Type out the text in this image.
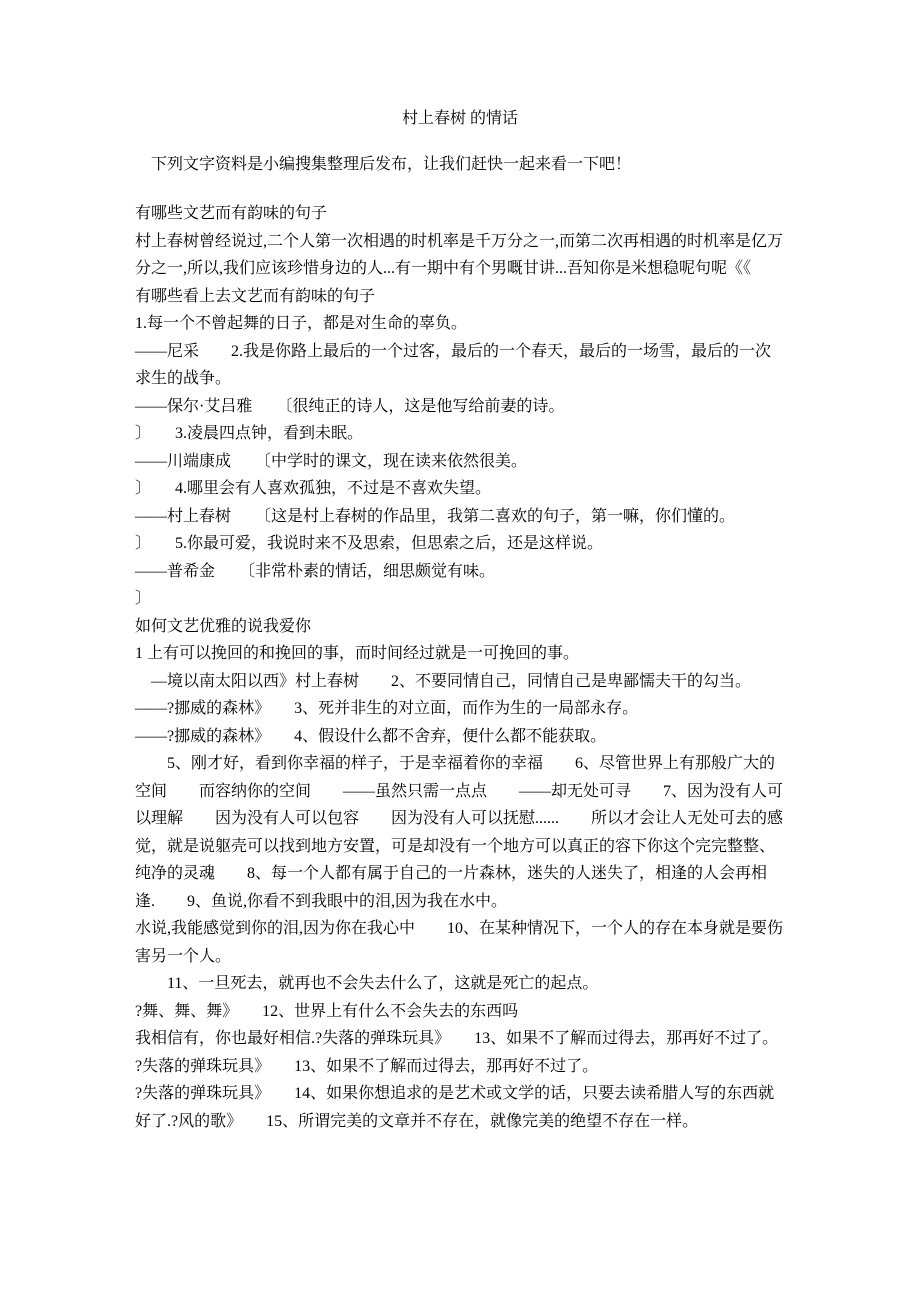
村上春树 的情话

　下列文字资料是小编搜集整理后发布，让我们赶快一起来看一下吧！

有哪些文艺而有韵味的句子

村上春树曾经说过,二个人第一次相遇的时机率是千万分之一,而第二次再相遇的时机率是亿万分之一,所以,我们应该珍惜身边的人...有一期中有个男嘅甘讲...吾知你是米想稳呢句呢《《

有哪些看上去文艺而有韵味的句子

1.每一个不曾起舞的日子，都是对生命的辜负。

——尼采　　2.我是你路上最后的一个过客，最后的一个春天，最后的一场雪，最后的一次求生的战争。

——保尔·艾吕雅　　〔很纯正的诗人，这是他写给前妻的诗。

〕　　3.凌晨四点钟，看到未眠。

——川端康成　　〔中学时的课文，现在读来依然很美。

〕　　4.哪里会有人喜欢孤独，不过是不喜欢失望。

——村上春树　　〔这是村上春树的作品里，我第二喜欢的句子，第一嘛，你们懂的。

〕　　5.你最可爱，我说时来不及思索，但思索之后，还是这样说。

——普希金　　〔非常朴素的情话，细思颇觉有味。

〕

如何文艺优雅的说我爱你

1 上有可以挽回的和挽回的事，而时间经过就是一可挽回的事。

　—境以南太阳以西》村上春树　　2、不要同情自己，同情自己是卑鄙懦夫干的勾当。

——?挪威的森林》　　3、死并非生的对立面，而作为生的一局部永存。

——?挪威的森林》　　4、假设什么都不舍弃，便什么都不能获取。

　　5、刚才好，看到你幸福的样子，于是幸福着你的幸福　　6、尽管世界上有那般广大的空间　　而容纳你的空间　　——虽然只需一点点　　——却无处可寻　　7、因为没有人可以理解　　因为没有人可以包容　　因为没有人可以抚慰......　　所以才会让人无处可去的感觉，就是说躯壳可以找到地方安置，可是却没有一个地方可以真正的容下你这个完完整整、纯净的灵魂　　8、每一个人都有属于自己的一片森林，迷失的人迷失了，相逢的人会再相逢.　　9、鱼说,你看不到我眼中的泪,因为我在水中。

水说,我能感觉到你的泪,因为你在我心中　　10、在某种情况下，一个人的存在本身就是要伤害另一个人。

　　11、一旦死去，就再也不会失去什么了，这就是死亡的起点。

?舞、舞、舞》　　12、世界上有什么不会失去的东西吗

我相信有，你也最好相信.?失落的弹珠玩具》　　13、如果不了解而过得去，那再好不过了。

?失落的弹珠玩具》　　13、如果不了解而过得去，那再好不过了。

?失落的弹珠玩具》　　14、如果你想追求的是艺术或文学的话，只要去读希腊人写的东西就好了.?风的歌》　　15、所谓完美的文章并不存在，就像完美的绝望不存在一样。
